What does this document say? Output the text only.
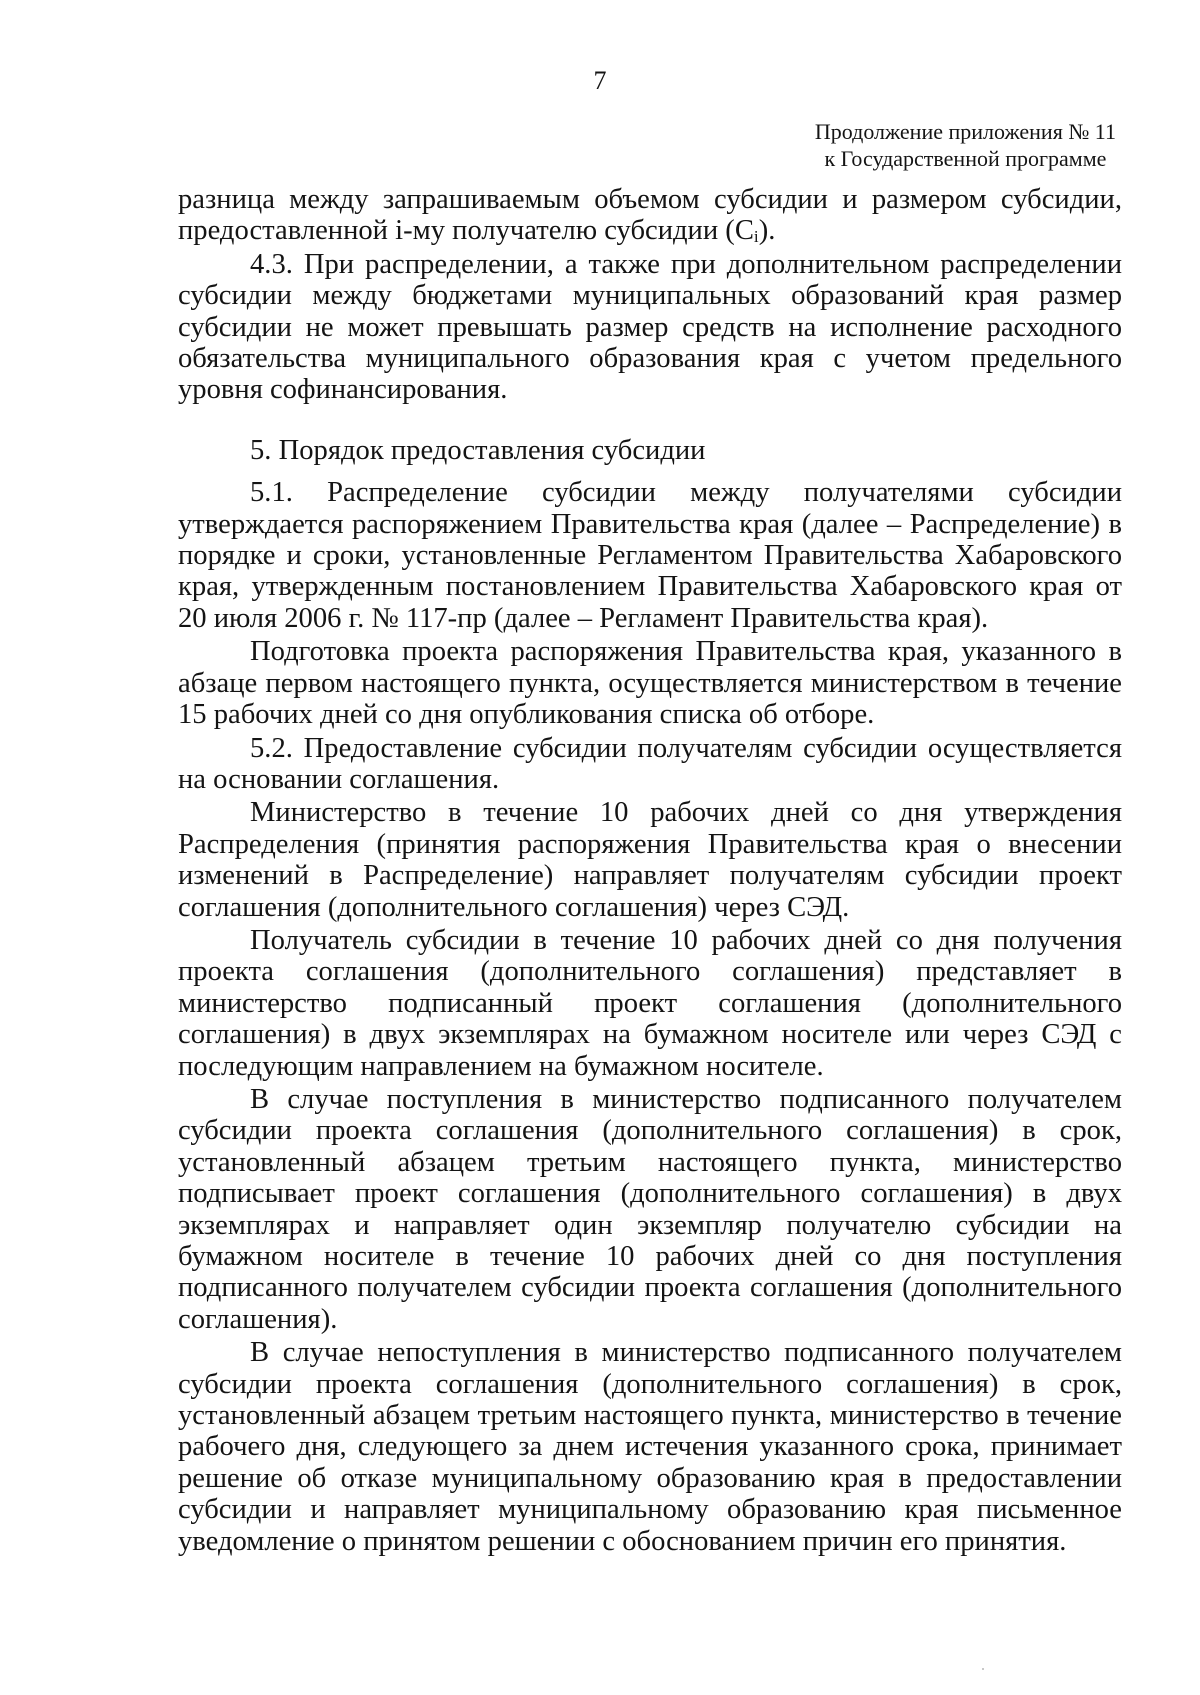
7
Продолжение приложения № 11
к Государственной программе

разница между запрашиваемым объемом субсидии и размером субсидии, предоставленной i-му получателю субсидии $(С_i)$.

4.3. При распределении, а также при дополнительном распределении субсидии между бюджетами муниципальных образований края размер субсидии не может превышать размер средств на исполнение расходного обязательства муниципального образования края с учетом предельного уровня софинансирования.

5. Порядок предоставления субсидии

5.1. Распределение субсидии между получателями субсидии утверждается распоряжением Правительства края (далее – Распределение) в порядке и сроки, установленные Регламентом Правительства Хабаровского края, утвержденным постановлением Правительства Хабаровского края от 20 июля 2006 г. № 117-пр (далее – Регламент Правительства края).

Подготовка проекта распоряжения Правительства края, указанного в абзаце первом настоящего пункта, осуществляется министерством в течение 15 рабочих дней со дня опубликования списка об отборе.

5.2. Предоставление субсидии получателям субсидии осуществляется на основании соглашения.

Министерство в течение 10 рабочих дней со дня утверждения Распределения (принятия распоряжения Правительства края о внесении изменений в Распределение) направляет получателям субсидии проект соглашения (дополнительного соглашения) через СЭД.

Получатель субсидии в течение 10 рабочих дней со дня получения проекта соглашения (дополнительного соглашения) представляет в министерство подписанный проект соглашения (дополнительного соглашения) в двух экземплярах на бумажном носителе или через СЭД с последующим направлением на бумажном носителе.

В случае поступления в министерство подписанного получателем субсидии проекта соглашения (дополнительного соглашения) в срок, установленный абзацем третьим настоящего пункта, министерство подписывает проект соглашения (дополнительного соглашения) в двух экземплярах и направляет один экземпляр получателю субсидии на бумажном носителе в течение 10 рабочих дней со дня поступления подписанного получателем субсидии проекта соглашения (дополнительного соглашения).

В случае непоступления в министерство подписанного получателем субсидии проекта соглашения (дополнительного соглашения) в срок, установленный абзацем третьим настоящего пункта, министерство в течение рабочего дня, следующего за днем истечения указанного срока, принимает решение об отказе муниципальному образованию края в предоставлении субсидии и направляет муниципальному образованию края письменное уведомление о принятом решении с обоснованием причин его принятия.
